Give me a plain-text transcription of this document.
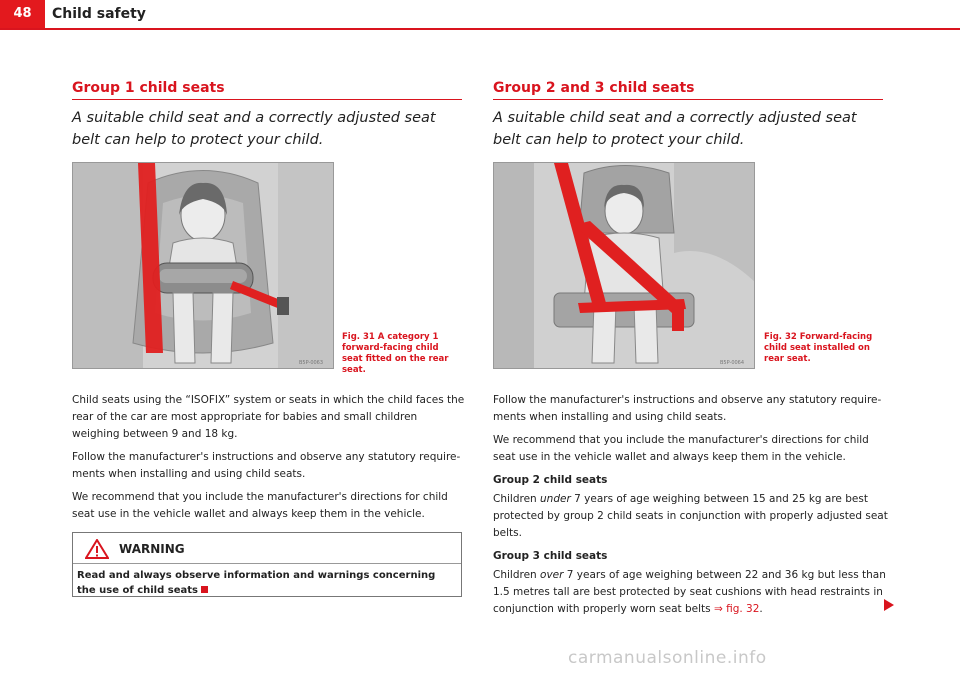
48	Child safety
Group 1 child seats
A suitable child seat and a correctly adjusted seat belt can help to protect your child.
B5P-0063
Fig. 31 A category 1 forward-facing child seat fitted on the rear seat.

Child seats using the “ISOFIX” system or seats in which the child faces the rear of the car are most appropriate for babies and small children weighing between 9 and 18 kg.

Follow the manufacturer's instructions and observe any statutory require-ments when installing and using child seats.

We recommend that you include the manufacturer's directions for child seat use in the vehicle wallet and always keep them in the vehicle.

WARNING
Read and always observe information and warnings concerning the use of child seats
Group 2 and 3 child seats
A suitable child seat and a correctly adjusted seat belt can help to protect your child.
B5P-0064
Fig. 32 Forward-facing child seat installed on rear seat.

Follow the manufacturer's instructions and observe any statutory require-ments when installing and using child seats.

We recommend that you include the manufacturer's directions for child seat use in the vehicle wallet and always keep them in the vehicle.

Group 2 child seats

Children under 7 years of age weighing between 15 and 25 kg are best protected by group 2 child seats in conjunction with properly adjusted seat belts.

Group 3 child seats

Children over 7 years of age weighing between 22 and 36 kg but less than 1.5 metres tall are best protected by seat cushions with head restraints in conjunction with properly worn seat belts ⇒ fig. 32.

carmanualsonline.info
